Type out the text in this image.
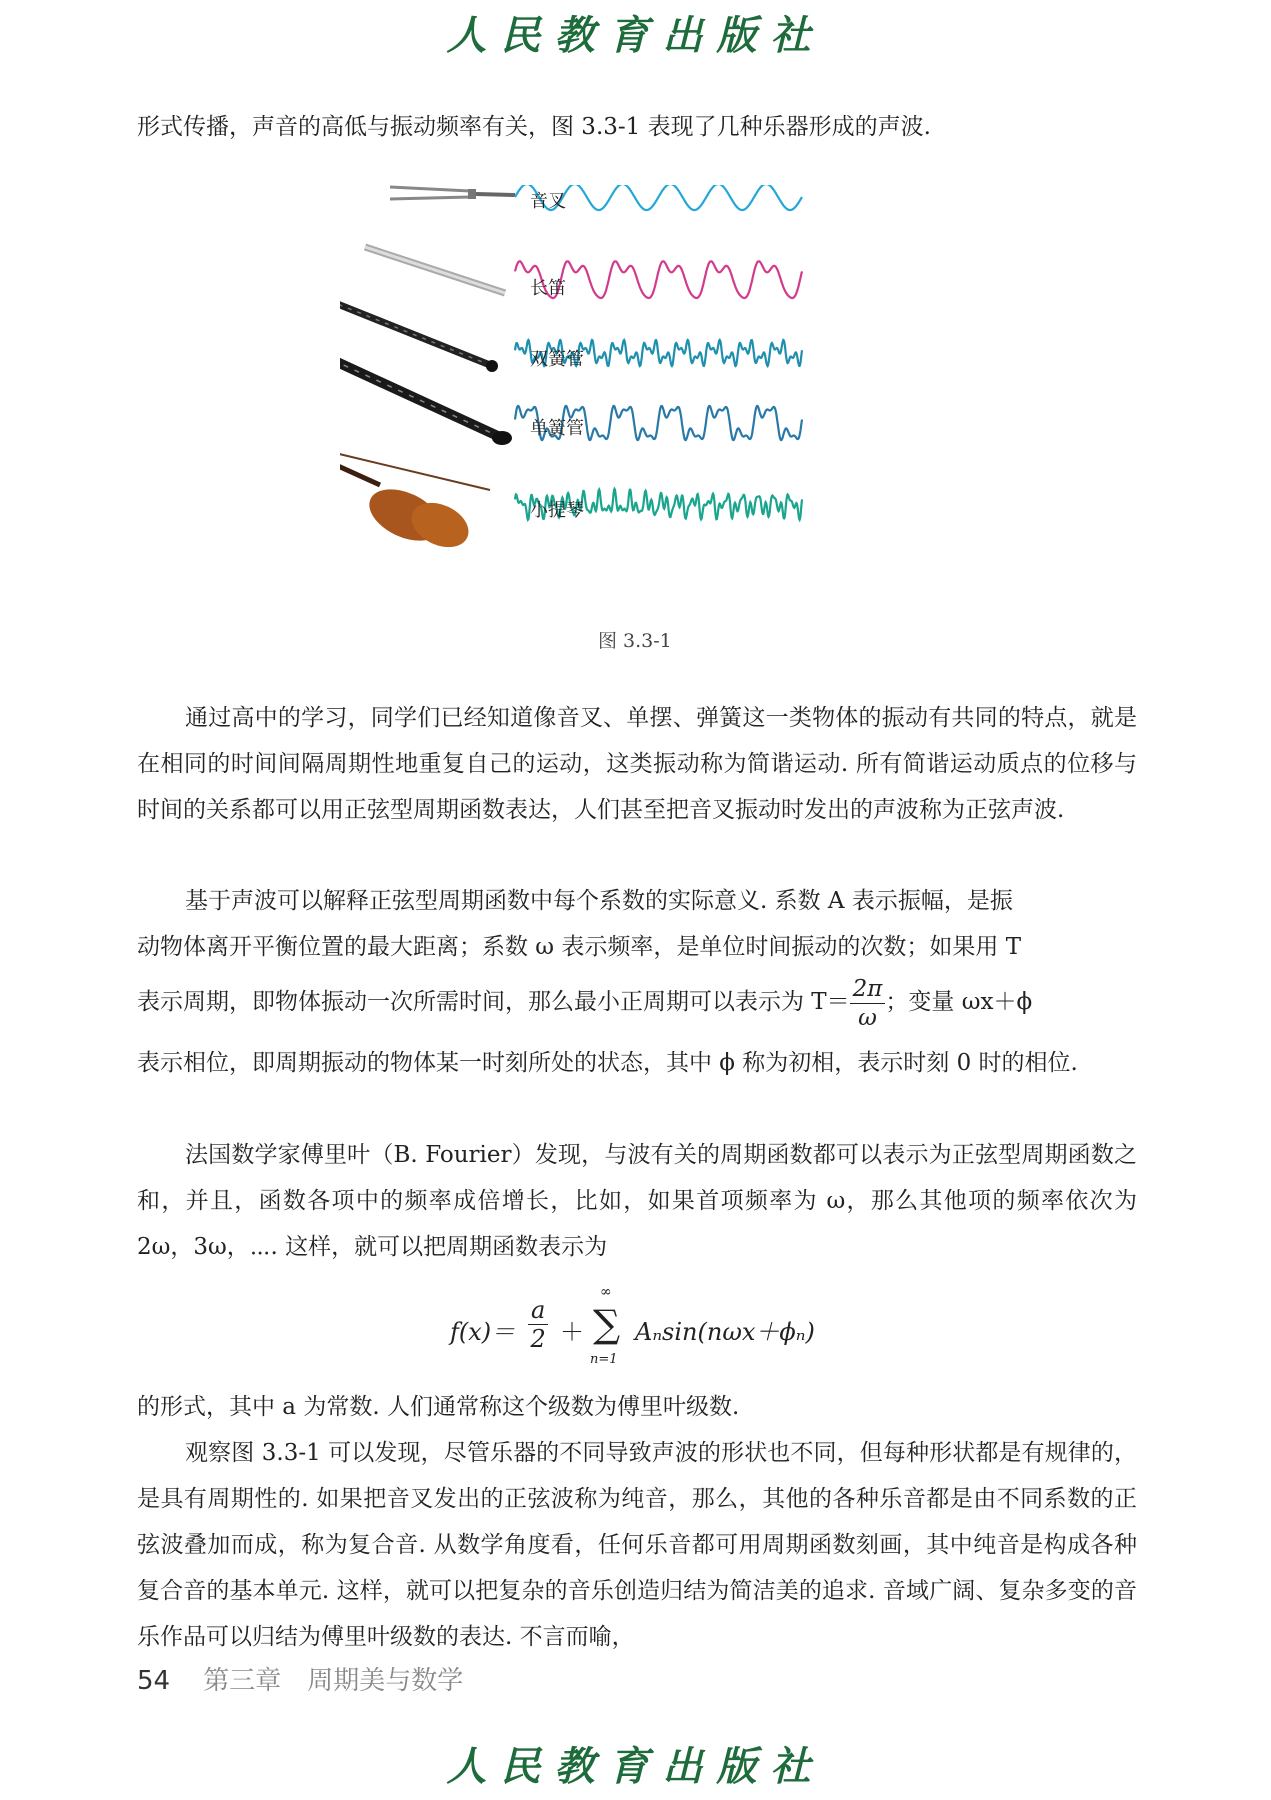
人民教育出版社

形式传播，声音的高低与振动频率有关，图 3.3-1 表现了几种乐器形成的声波.

音叉
长笛
双簧管
单簧管
小提琴
图 3.3-1

通过高中的学习，同学们已经知道像音叉、单摆、弹簧这一类物体的振动有共同的特点，就是在相同的时间间隔周期性地重复自己的运动，这类振动称为简谐运动. 所有简谐运动质点的位移与时间的关系都可以用正弦型周期函数表达，人们甚至把音叉振动时发出的声波称为正弦声波.

基于声波可以解释正弦型周期函数中每个系数的实际意义. 系数 A 表示振幅，是振
动物体离开平衡位置的最大距离；系数 ω 表示频率，是单位时间振动的次数；如果用 T
表示周期，即物体振动一次所需时间，那么最小正周期可以表示为 $T= \frac{2\pi}{\omega}$ ；变量 ωx＋ϕ

表示相位，即周期振动的物体某一时刻所处的状态，其中 ϕ 称为初相，表示时刻 0 时的相位.

法国数学家傅里叶（B. Fourier）发现，与波有关的周期函数都可以表示为正弦型周期函数之和，并且，函数各项中的频率成倍增长，比如，如果首项频率为 ω，那么其他项的频率依次为 2ω，3ω，⋯. 这样，就可以把周期函数表示为

$f(x)= \frac{a}{2}$ ＋
∞
∑
n=1
Aₙsin(nωx＋ϕₙ)

的形式，其中 a 为常数. 人们通常称这个级数为傅里叶级数.

观察图 3.3-1 可以发现，尽管乐器的不同导致声波的形状也不同，但每种形状都是有规律的，是具有周期性的. 如果把音叉发出的正弦波称为纯音，那么，其他的各种乐音都是由不同系数的正弦波叠加而成，称为复合音. 从数学角度看，任何乐音都可用周期函数刻画，其中纯音是构成各种复合音的基本单元. 这样，就可以把复杂的音乐创造归结为简洁美的追求. 音域广阔、复杂多变的音乐作品可以归结为傅里叶级数的表达. 不言而喻，

54 第三章　周期美与数学
人民教育出版社
